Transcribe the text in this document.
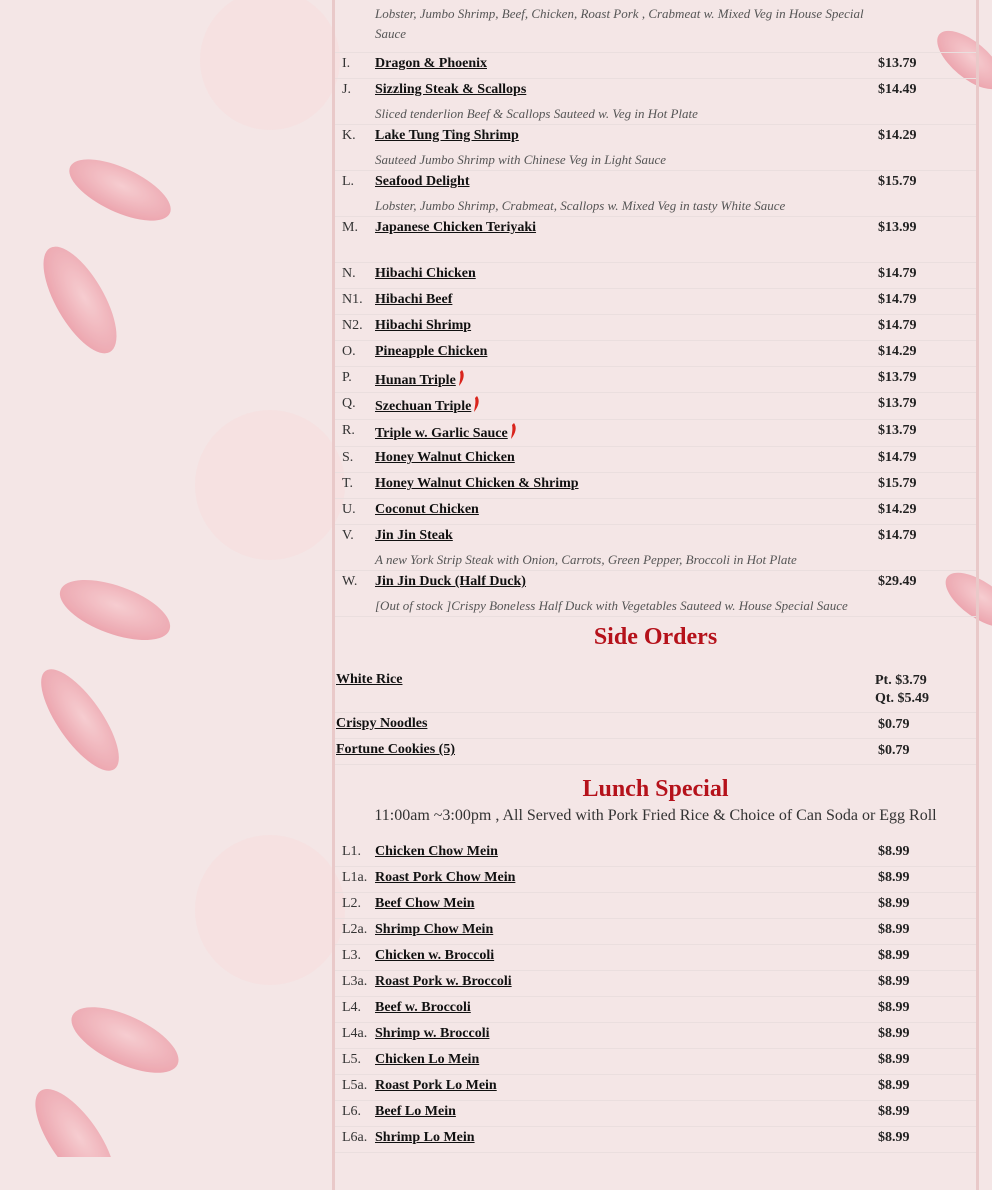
Lobster, Jumbo Shrimp, Beef, Chicken, Roast Pork , Crabmeat w. Mixed Veg in House Special Sauce
I. Dragon & Phoenix	$13.79
J. Sizzling Steak & Scallops	$14.49
Sliced tenderlion Beef & Scallops Sauteed w. Veg in Hot Plate
K. Lake Tung Ting Shrimp	$14.29
Sauteed Jumbo Shrimp with Chinese Veg in Light Sauce
L. Seafood Delight	$15.79
Lobster, Jumbo Shrimp, Crabmeat, Scallops w. Mixed Veg in tasty White Sauce
M. Japanese Chicken Teriyaki	$13.99
N. Hibachi Chicken	$14.79
N1. Hibachi Beef	$14.79
N2. Hibachi Shrimp	$14.79
O. Pineapple Chicken	$14.29
P. Hunan Triple	$13.79
Q. Szechuan Triple	$13.79
R. Triple w. Garlic Sauce	$13.79
S. Honey Walnut Chicken	$14.79
T. Honey Walnut Chicken & Shrimp	$15.79
U. Coconut Chicken	$14.29
V. Jin Jin Steak	$14.79
A new York Strip Steak with Onion, Carrots, Green Pepper, Broccoli in Hot Plate
W. Jin Jin Duck (Half Duck)	$29.49
[Out of stock ]Crispy Boneless Half Duck with Vegetables Sauteed w. House Special Sauce
Side Orders
White Rice	Pt. $3.79
Qt. $5.49
Crispy Noodles	$0.79
Fortune Cookies (5)	$0.79
Lunch Special
11:00am ~3:00pm , All Served with Pork Fried Rice & Choice of Can Soda or Egg Roll
L1. Chicken Chow Mein	$8.99
L1a. Roast Pork Chow Mein	$8.99
L2. Beef Chow Mein	$8.99
L2a. Shrimp Chow Mein	$8.99
L3. Chicken w. Broccoli	$8.99
L3a. Roast Pork w. Broccoli	$8.99
L4. Beef w. Broccoli	$8.99
L4a. Shrimp w. Broccoli	$8.99
L5. Chicken Lo Mein	$8.99
L5a. Roast Pork Lo Mein	$8.99
L6. Beef Lo Mein	$8.99
L6a. Shrimp Lo Mein	$8.99
